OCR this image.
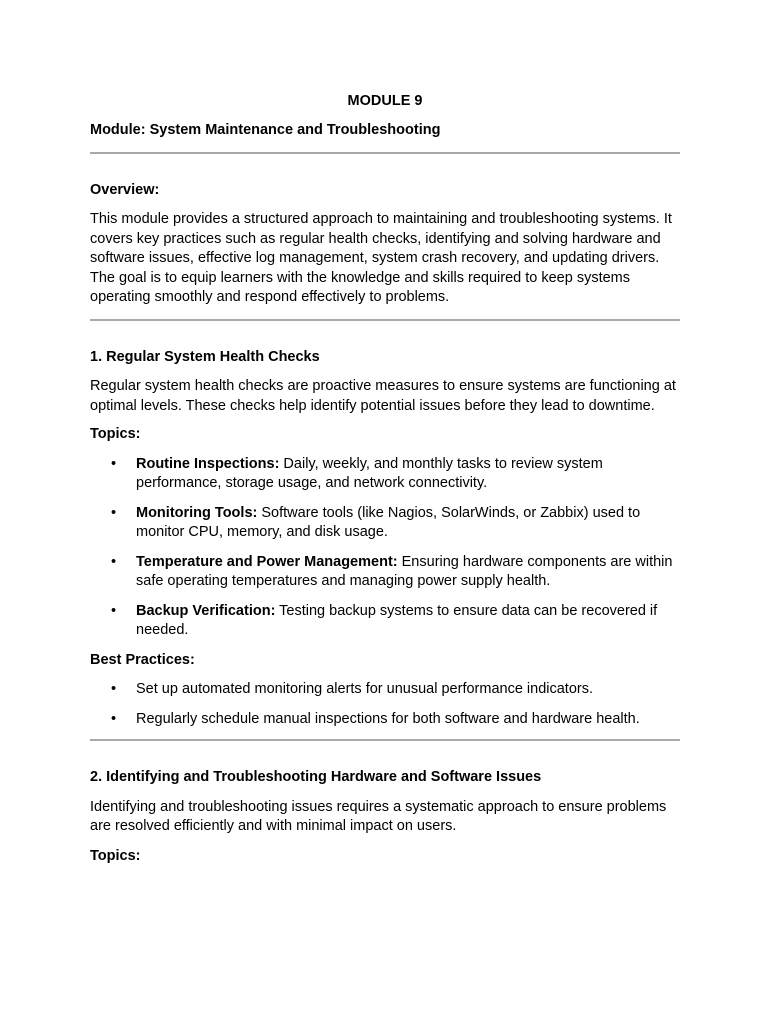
MODULE 9

Module: System Maintenance and Troubleshooting

Overview:

This module provides a structured approach to maintaining and troubleshooting systems. It covers key practices such as regular health checks, identifying and solving hardware and software issues, effective log management, system crash recovery, and updating drivers. The goal is to equip learners with the knowledge and skills required to keep systems operating smoothly and respond effectively to problems.

1. Regular System Health Checks

Regular system health checks are proactive measures to ensure systems are functioning at optimal levels. These checks help identify potential issues before they lead to downtime.

Topics:

• Routine Inspections: Daily, weekly, and monthly tasks to review system performance, storage usage, and network connectivity.
• Monitoring Tools: Software tools (like Nagios, SolarWinds, or Zabbix) used to monitor CPU, memory, and disk usage.
• Temperature and Power Management: Ensuring hardware components are within safe operating temperatures and managing power supply health.
• Backup Verification: Testing backup systems to ensure data can be recovered if needed.

Best Practices:

• Set up automated monitoring alerts for unusual performance indicators.
• Regularly schedule manual inspections for both software and hardware health.

2. Identifying and Troubleshooting Hardware and Software Issues

Identifying and troubleshooting issues requires a systematic approach to ensure problems are resolved efficiently and with minimal impact on users.

Topics:
